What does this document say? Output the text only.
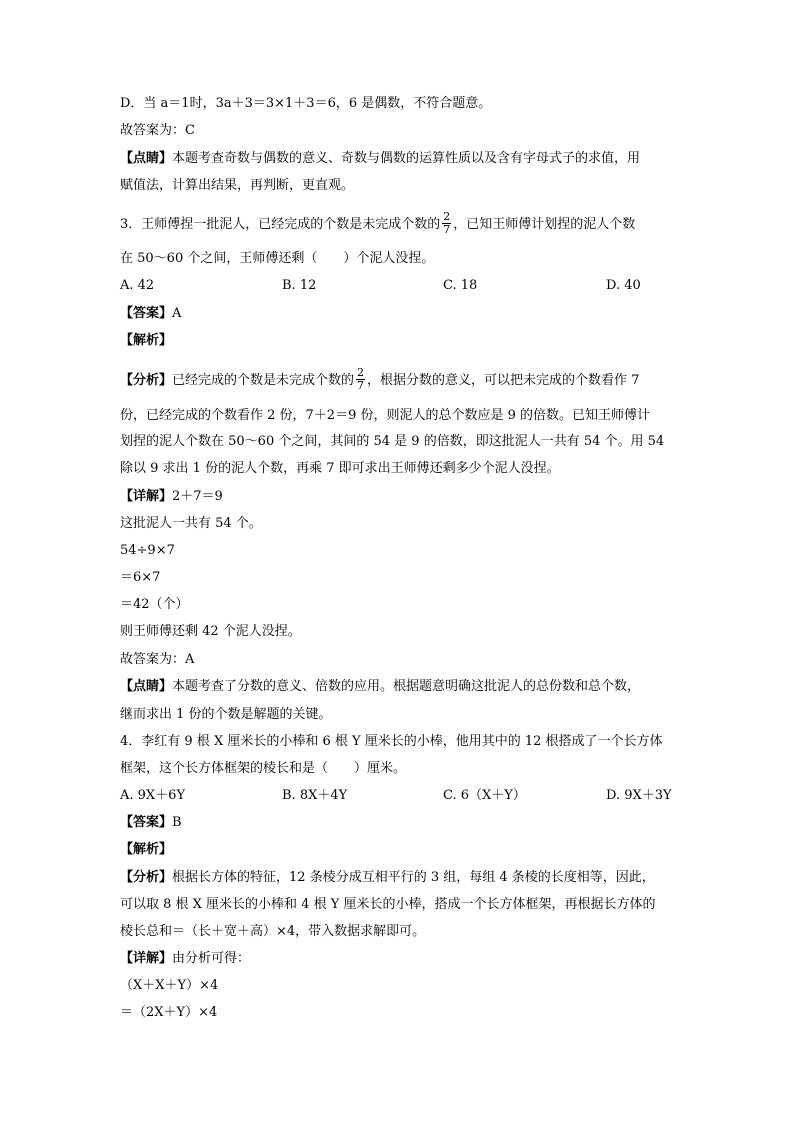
D．当 a＝1时，3a＋3＝3×1＋3＝6，6 是偶数，不符合题意。
故答案为：C
【点睛】本题考查奇数与偶数的意义、奇数与偶数的运算性质以及含有字母式子的求值，用
赋值法，计算出结果，再判断，更直观。
3．王师傅捏一批泥人，已经完成的个数是未完成个数的 $\frac{2}{7}$ ，已知王师傅计划捏的泥人个数
在 50～60 个之间，王师傅还剩（　　）个泥人没捏。
A. 42	B. 12	C. 18	D. 40
【答案】A
【解析】
【分析】已经完成的个数是未完成个数的 $\frac{2}{7}$ ，根据分数的意义，可以把未完成的个数看作 7
份，已经完成的个数看作 2 份，7＋2＝9 份，则泥人的总个数应是 9 的倍数。已知王师傅计
划捏的泥人个数在 50～60 个之间，其间的 54 是 9 的倍数，即这批泥人一共有 54 个。用 54
除以 9 求出 1 份的泥人个数，再乘 7 即可求出王师傅还剩多少个泥人没捏。
【详解】2＋7＝9
这批泥人一共有 54 个。
54÷9×7
＝6×7
＝42（个）
则王师傅还剩 42 个泥人没捏。
故答案为：A
【点睛】本题考查了分数的意义、倍数的应用。根据题意明确这批泥人的总份数和总个数，
继而求出 1 份的个数是解题的关键。
4．李红有 9 根 X 厘米长的小棒和 6 根 Y 厘米长的小棒，他用其中的 12 根搭成了一个长方体
框架，这个长方体框架的棱长和是（　　）厘米。
A. 9X＋6Y	B. 8X＋4Y	C. 6（X＋Y）	D. 9X＋3Y
【答案】B
【解析】
【分析】根据长方体的特征，12 条棱分成互相平行的 3 组，每组 4 条棱的长度相等，因此，
可以取 8 根 X 厘米长的小棒和 4 根 Y 厘米长的小棒，搭成一个长方体框架，再根据长方体的
棱长总和＝（长＋宽＋高）×4，带入数据求解即可。
【详解】由分析可得：
（X＋X＋Y）×4
＝（2X＋Y）×4
